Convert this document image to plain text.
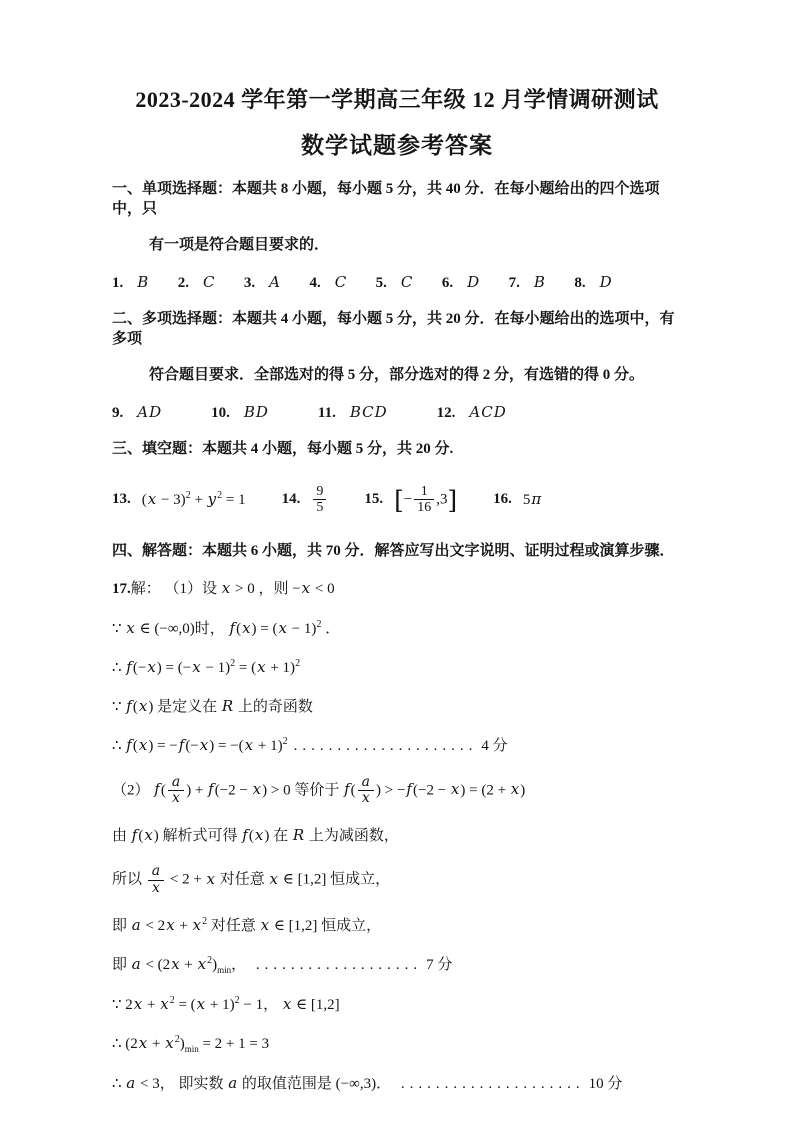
2023-2024 学年第一学期高三年级 12 月学情调研测试
数学试题参考答案
一、单项选择题：本题共 8 小题，每小题 5 分，共 40 分．在每小题给出的四个选项中，只
有一项是符合题目要求的．
1. B 2. C 3. A 4. C 5. C 6. D 7. B 8. D
二、多项选择题：本题共 4 小题，每小题 5 分，共 20 分．在每小题给出的选项中，有多项
符合题目要求．全部选对的得 5 分，部分选对的得 2 分，有选错的得 0 分。
9. AD	10. BD	11. BCD	12. ACD
三、填空题：本题共 4 小题，每小题 5 分，共 20 分.
13. $(x - 3)^2 + y^2 = 1$ 14. $\frac{9}{5}$	15. [− $\frac{1}{16} ,3$] 16. 5π
四、解答题：本题共 6 小题，共 70 分．解答应写出文字说明、证明过程或演算步骤．
17.解： （1）设 x > 0 ，则 −x < 0
∵ x ∈ (−∞,0)时， $f(x) = (x - 1)^2$ ．
∴ $f(-x) = (-x - 1)^2 = (x + 1)^2$
∵ f(x) 是定义在 R 上的奇函数
∴ $f(x) = -f(-x) = -(x + 1)^2$ ..................... 4 分
（2） $f( \frac{a}{x}$ ) + f(−2 − x) > 0 等价于 $f( \frac{a}{x}$ ) > −f(−2 − x) = (2 + x)
由 f(x) 解析式可得 f(x) 在 R 上为减函数，
所以 $\frac{a}{x} < 2 + x$ 对任意 x ∈ [1,2] 恒成立，
即 $a < 2x + x^2$ 对任意 x ∈ [1,2] 恒成立，
即 $a < (2x + x^2)_{min}$， ................... 7 分
∵ $2x + x^2 = (x + 1)^2 - 1$， x ∈ [1,2]
∴ $(2x + x^2)_{min} = 2 + 1 = 3$
∴ a < 3， 即实数 a 的取值范围是 (−∞,3)． ..................... 10 分
